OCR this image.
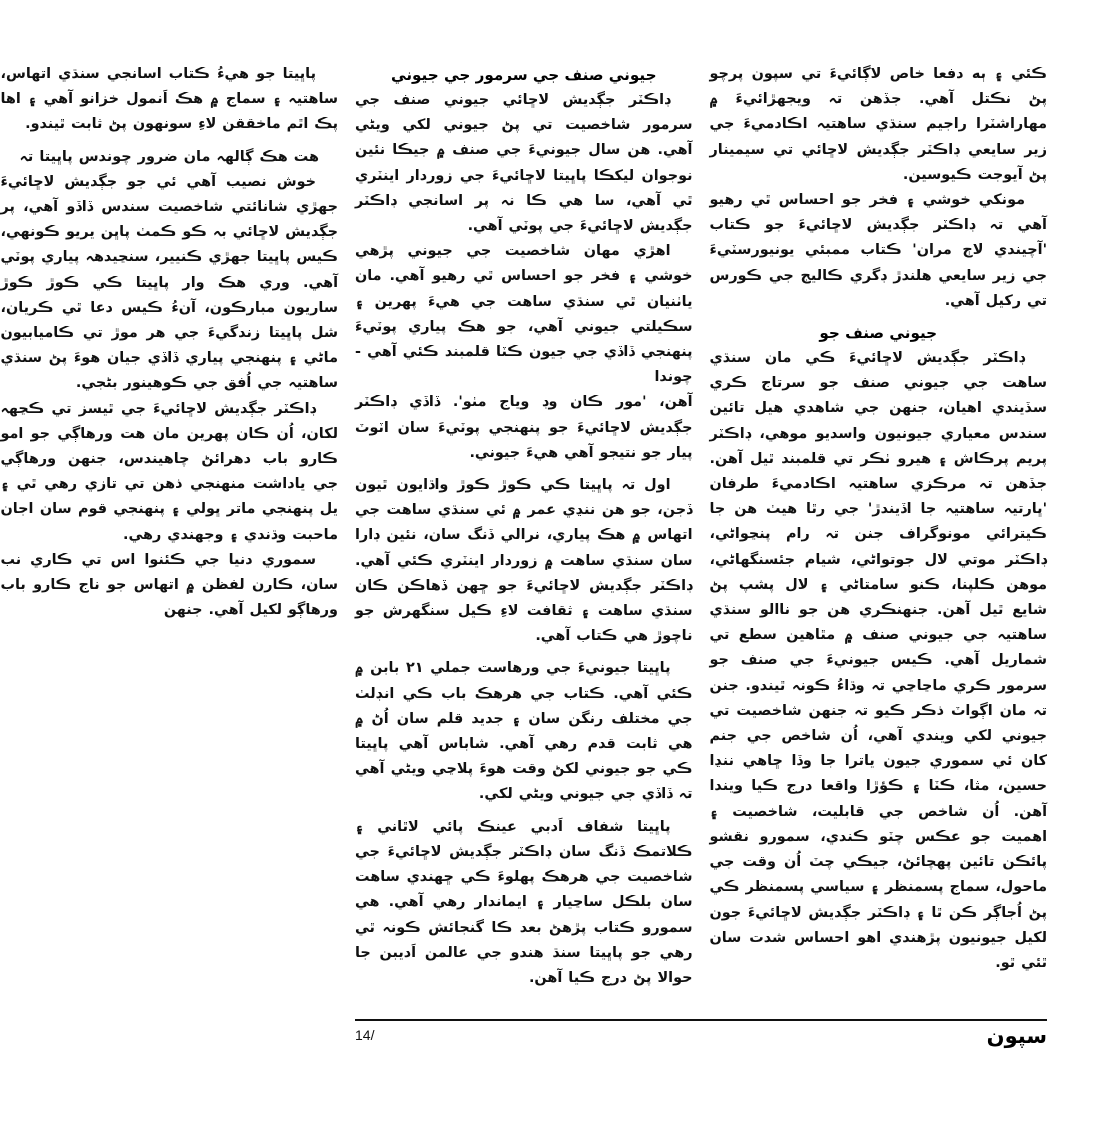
ڪئي ۽ ٻه دفعا خاص لاڳائيءَ تي سپون پرچو پڻ نڪتل آهي. جڏهن تہ ويجهڙائيءَ ۾ مهاراشٽرا راجيم سنڌي ساهتيہ اڪادميءَ جي زير سايعي ڊاڪٽر جڳديش لاڇائي تي سيمينار پڻ آيوجت ڪيوسين.

مونکي خوشي ۽ فخر جو احساس ٿي رهيو آهي تہ ڊاڪٽر جڳديش لاڇائيءَ جو ڪتاب 'آچيندي لاڄ مران' ڪتاب ممبئي يونيورسٽيءَ جي زير سايعي هلندڙ ڊگري ڪاليج جي ڪورس تي رکيل آهي.

جيوني صنف جو

ڊاڪٽر جڳديش لاڇائيءَ ڪي مان سنڌي ساهت جي جيوني صنف جو سرتاج ڪري سڏيندي اهيان، جنهن جي شاهدي هيل تائين سندس معياري جيونيون واسديو موهي، ڊاڪٽر پريم پرڪاش ۽ هيرو ٺڪر تي قلمبند ٿيل آهن. جڏهن تہ مرڪزي ساهتيہ اڪادميءَ طرفان 'ڀارتيہ ساهتيہ جا اڏيندڙ' جي رٿا هيٺ هن جا ڪيترائي مونوگراف جنن تہ رام پنڃواڻي، ڊاڪٽر موتي لال جوتواڻي، شيام جئسنگهاڻي، موهن ڪلپنا، ڪنو سامتاڻي ۽ لال پشپ پڻ شايع ٿيل آهن. جنهنڪري هن جو ناالو سنڌي ساهتيہ جي جيوني صنف ۾ مٿاهين سطع تي شماريل آهي. ڪيس جيونيءَ جي صنف جو سرمور ڪري ماڃاڃي تہ وڌاءُ ڪونہ ٿيندو. جنن تہ مان اڳواٽ ذڪر ڪيو تہ جنهن شاخصيت تي جيوني لکي ويندي آهي، اُن شاخص جي جنم کان ئي سموري جيون ياترا جا وڏا ڇاهي ننڍا حسين، مثا، ڪٽا ۽ ڪؤڙا واقعا درج ڪيا ويندا آهن. اُن شاخص جي قابليت، شاخصيت ۽ اهميت جو عڪس چٽو ڪندي، سمورو نقشو پائڪن تائين پهچائڻ، جيڪي چٽ اُن وقت جي ماحول، سماج پسمنظر ۽ سياسي پسمنظر ڪي پڻ اُجاڳر ڪن ٿا ۽ ڊاڪٽر جڳديش لاڇائيءَ جون لکيل جيونيون پڙهندي اهو احساس شدت سان ٿئي ٿو.

جيوني صنف جي سرمور جي جيوني

ڊاڪٽر جڳديش لاڇائي جيوني صنف جي سرمور شاخصيت تي پڻ جيوني لکي ويڻي آهي. هن سال جيونيءَ جي صنف ۾ جيڪا نئين نوجوان ليکڪا پاڀيتا لاڇائيءَ جي زوردار اينٽري ٿي آهي، سا هي ڪا نہ پر اسانجي ڊاڪٽر جڳديش لاڇائيءَ جي پوٽي آهي.

اهڙي مهان شاخصيت جي جيوني پڙهي خوشي ۽ فخر جو احساس ٿي رهيو آهي. مان ياٺنيان ٿي سنڌي ساهت جي هيءَ پهرين ۽ سڪيلتي جيوني آهي، جو هڪ پياري پوٽيءَ پنهنجي ڏاڏي جي جيون ڪٽا قلمبند ڪئي آهي - چوندا

آهن، 'مور ڪان وڊ وياج مٺو'. ڏاڏي ڊاڪٽر جڳديش لاڇائيءَ جو پنهنجي پوٽيءَ سان اٽوٽ پيار جو نتيجو آهي هيءَ جيوني.

اول تہ پاڀيتا ڪي ڪوڙ ڪوڙ واڌايون ٿيون ڏجن، جو هن ننڍي عمر ۾ ئي سنڌي ساهت جي اتهاس ۾ هڪ پياري، نرالي ڏنگ سان، نئين ڊارا سان سنڌي ساهت ۾ زوردار اينٽري ڪئي آهي. ڊاڪٽر جڳديش لاڇائيءَ جو ڇهن ڏهاڪن ڪان سنڌي ساهت ۽ ثقافت لاءِ ڪيل سنگهرش جو ناچوڙ هي ڪتاب آهي.

پاڀيتا جيونيءَ جي ورهاست جملي ٢١ بابن ۾ ڪئي آهي. ڪتاب جي هرهڪ باب ڪي انڊلٺ جي مختلف رنگن سان ۽ جديد قلم سان اُڻ ۾ هي ثابت قدم رهي آهي. شاباس آهي پاڀيتا ڪي جو جيوني لکڻ وقت هوءَ پلاڃي ويڻي آهي تہ ڏاڏي جي جيوني ويڻي لکي.

پاڀيتا شفاف اَدبي عينڪ پائي لاٿاني ۽ ڪلاتمڪ ڏنگ سان ڊاڪٽر جڳديش لاڇائيءَ جي شاخصيت جي هرهڪ پهلوءَ ڪي ڇهندي ساهت سان بلڪل ساڃيار ۽ ايماندار رهي آهي. هي سمورو ڪتاب پڙهڻ بعد ڪا گنجائش ڪونہ ٿي رهي جو پاڀيتا سنڌ هندو جي عالمن اَديبن جا حوالا پڻ درج ڪيا آهن.

پاڀيتا جو هيءُ ڪتاب اسانجي سنڌي اتهاس، ساهتيہ ۽ سماج ۾ هڪ اَنمول خزانو آهي ۽ اها پڪ اٿم ماخققن لاءِ سونهون پڻ ثابت ٿيندو.

هت هڪ ڳالهہ مان ضرور چوندس پاڀيتا تہ

خوش نصيب آهي ئي جو جڳديش لاڇائيءَ جهڙي شانائتي شاخصيت سندس ڏاڏو آهي، پر جڳديش لاڇائي بہ ڪو ڪمٺ پاڀن يريو ڪونهي، ڪيس پاڀيتا جهڙي ڪنيير، سنڃيدهہ پياري پوٽي آهي. وري هڪ وار پاڀيتا ڪي ڪوڙ ڪوڙ ساريون مبارڪون، آنءُ ڪيس دعا ٿي ڪريان، شل پاڀيتا زندگيءَ جي هر موڙ تي ڪاميابيون ماڻي ۽ پنهنجي پياري ڏاڏي جيان هوءَ پڻ سنڌي ساهتيہ جي اُفق جي ڪوهينور بڻجي.

ڊاڪٽر جڳديش لاڇائيءَ جي ٿيسز تي ڪڃهہ لکان، اُن ڪان پهرين مان هت ورهاڳي جو امو ڪارو باب دهرائڻ چاهيندس، جنهن ورهاڳي جي ياداشت منهنجي ذهن تي تازي رهي ٿي ۽ يل پنهنجي ماتر ڀولي ۽ پنهنجي قوم سان اجان ماحبت وڌندي ۽ وجهندي رهي.

سموري دنيا جي ڪئنوا اس تي ڪاري نب سان، ڪارن لفظن ۾ اتهاس جو ناج ڪارو باب ورهاڳو لکيل آهي. جنهن

سپون
14/
